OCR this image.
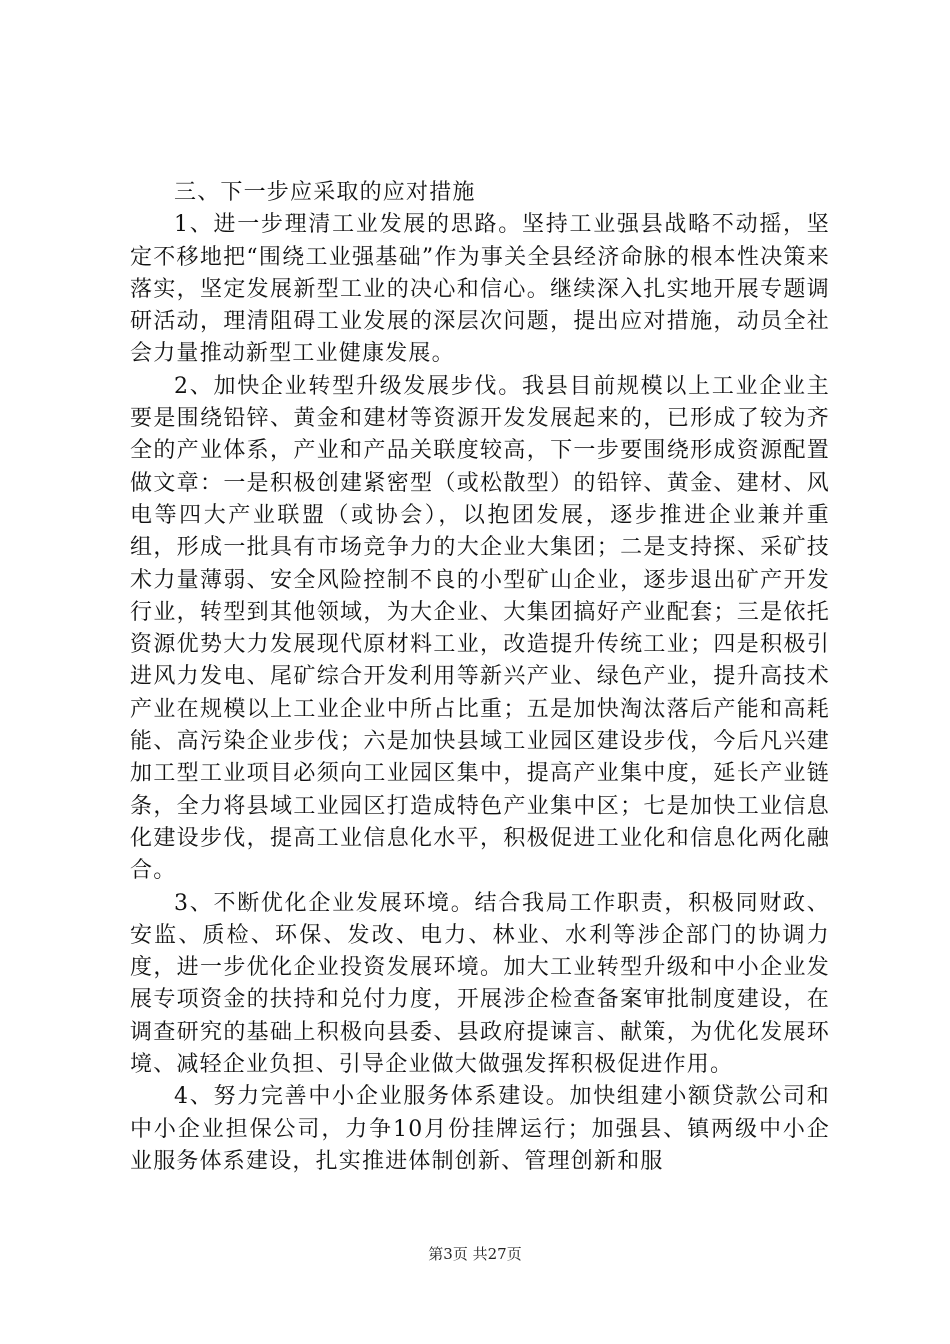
三、下一步应采取的应对措施

1、进一步理清工业发展的思路。坚持工业强县战略不动摇，坚定不移地把“围绕工业强基础”作为事关全县经济命脉的根本性决策来落实，坚定发展新型工业的决心和信心。继续深入扎实地开展专题调研活动，理清阻碍工业发展的深层次问题，提出应对措施，动员全社会力量推动新型工业健康发展。

2、加快企业转型升级发展步伐。我县目前规模以上工业企业主要是围绕铅锌、黄金和建材等资源开发发展起来的，已形成了较为齐全的产业体系，产业和产品关联度较高，下一步要围绕形成资源配置做文章：一是积极创建紧密型（或松散型）的铅锌、黄金、建材、风电等四大产业联盟（或协会），以抱团发展，逐步推进企业兼并重组，形成一批具有市场竞争力的大企业大集团；二是支持探、采矿技术力量薄弱、安全风险控制不良的小型矿山企业，逐步退出矿产开发行业，转型到其他领域，为大企业、大集团搞好产业配套；三是依托资源优势大力发展现代原材料工业，改造提升传统工业；四是积极引进风力发电、尾矿综合开发利用等新兴产业、绿色产业，提升高技术产业在规模以上工业企业中所占比重；五是加快淘汰落后产能和高耗能、高污染企业步伐；六是加快县域工业园区建设步伐，今后凡兴建加工型工业项目必须向工业园区集中，提高产业集中度，延长产业链条，全力将县域工业园区打造成特色产业集中区；七是加快工业信息化建设步伐，提高工业信息化水平，积极促进工业化和信息化两化融合。

3、不断优化企业发展环境。结合我局工作职责，积极同财政、安监、质检、环保、发改、电力、林业、水利等涉企部门的协调力度，进一步优化企业投资发展环境。加大工业转型升级和中小企业发展专项资金的扶持和兑付力度，开展涉企检查备案审批制度建设，在调查研究的基础上积极向县委、县政府提谏言、献策，为优化发展环境、减轻企业负担、引导企业做大做强发挥积极促进作用。

4、努力完善中小企业服务体系建设。加快组建小额贷款公司和中小企业担保公司，力争10月份挂牌运行；加强县、镇两级中小企业服务体系建设，扎实推进体制创新、管理创新和服

第3页 共27页
